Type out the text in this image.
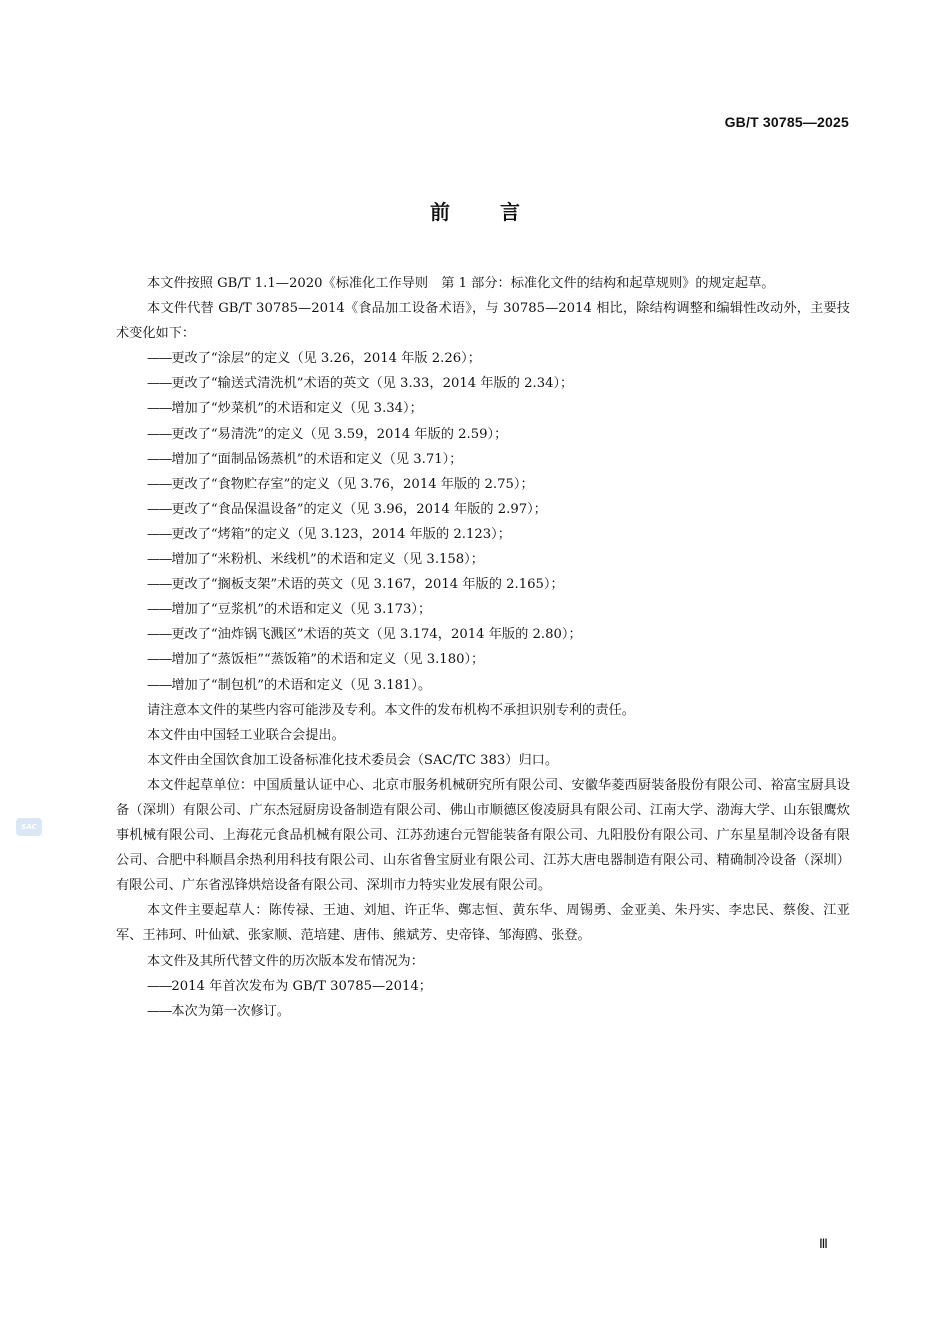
GB/T 30785—2025
前	言
SAC

本文件按照 GB/T 1.1—2020《标准化工作导则　第 1 部分：标准化文件的结构和起草规则》的规定起草。

本文件代替 GB/T 30785—2014《食品加工设备术语》，与 30785—2014 相比，除结构调整和编辑性改动外，主要技术变化如下：

——更改了“涂层”的定义（见 3.26，2014 年版 2.26）；

——更改了“输送式清洗机”术语的英文（见 3.33，2014 年版的 2.34）；

——增加了“炒菜机”的术语和定义（见 3.34）；

——更改了“易清洗”的定义（见 3.59，2014 年版的 2.59）；

——增加了“面制品饧蒸机”的术语和定义（见 3.71）；

——更改了“食物贮存室”的定义（见 3.76，2014 年版的 2.75）；

——更改了“食品保温设备”的定义（见 3.96，2014 年版的 2.97）；

——更改了“烤箱”的定义（见 3.123，2014 年版的 2.123）；

——增加了“米粉机、米线机”的术语和定义（见 3.158）；

——更改了“搁板支架”术语的英文（见 3.167，2014 年版的 2.165）；

——增加了“豆浆机”的术语和定义（见 3.173）；

——更改了“油炸锅飞溅区”术语的英文（见 3.174，2014 年版的 2.80）；

——增加了“蒸饭柜”“蒸饭箱”的术语和定义（见 3.180）；

——增加了“制包机”的术语和定义（见 3.181）。

请注意本文件的某些内容可能涉及专利。本文件的发布机构不承担识别专利的责任。

本文件由中国轻工业联合会提出。

本文件由全国饮食加工设备标准化技术委员会（SAC/TC 383）归口。

本文件起草单位：中国质量认证中心、北京市服务机械研究所有限公司、安徽华菱西厨装备股份有限公司、裕富宝厨具设备（深圳）有限公司、广东杰冠厨房设备制造有限公司、佛山市顺德区俊凌厨具有限公司、江南大学、渤海大学、山东银鹰炊事机械有限公司、上海花元食品机械有限公司、江苏劲速台元智能装备有限公司、九阳股份有限公司、广东星星制冷设备有限公司、合肥中科顺昌余热利用科技有限公司、山东省鲁宝厨业有限公司、江苏大唐电器制造有限公司、精确制冷设备（深圳）有限公司、广东省泓锋烘焙设备有限公司、深圳市力特实业发展有限公司。

本文件主要起草人：陈传禄、王迪、刘旭、许正华、鄭志恒、黄东华、周锡勇、金亚美、朱丹实、李忠民、蔡俊、江亚军、王祎珂、叶仙斌、张家顺、范培建、唐伟、熊斌芳、史帝锋、邹海鸥、张登。

本文件及其所代替文件的历次版本发布情况为：

——2014 年首次发布为 GB/T 30785—2014；

——本次为第一次修订。

Ⅲ
